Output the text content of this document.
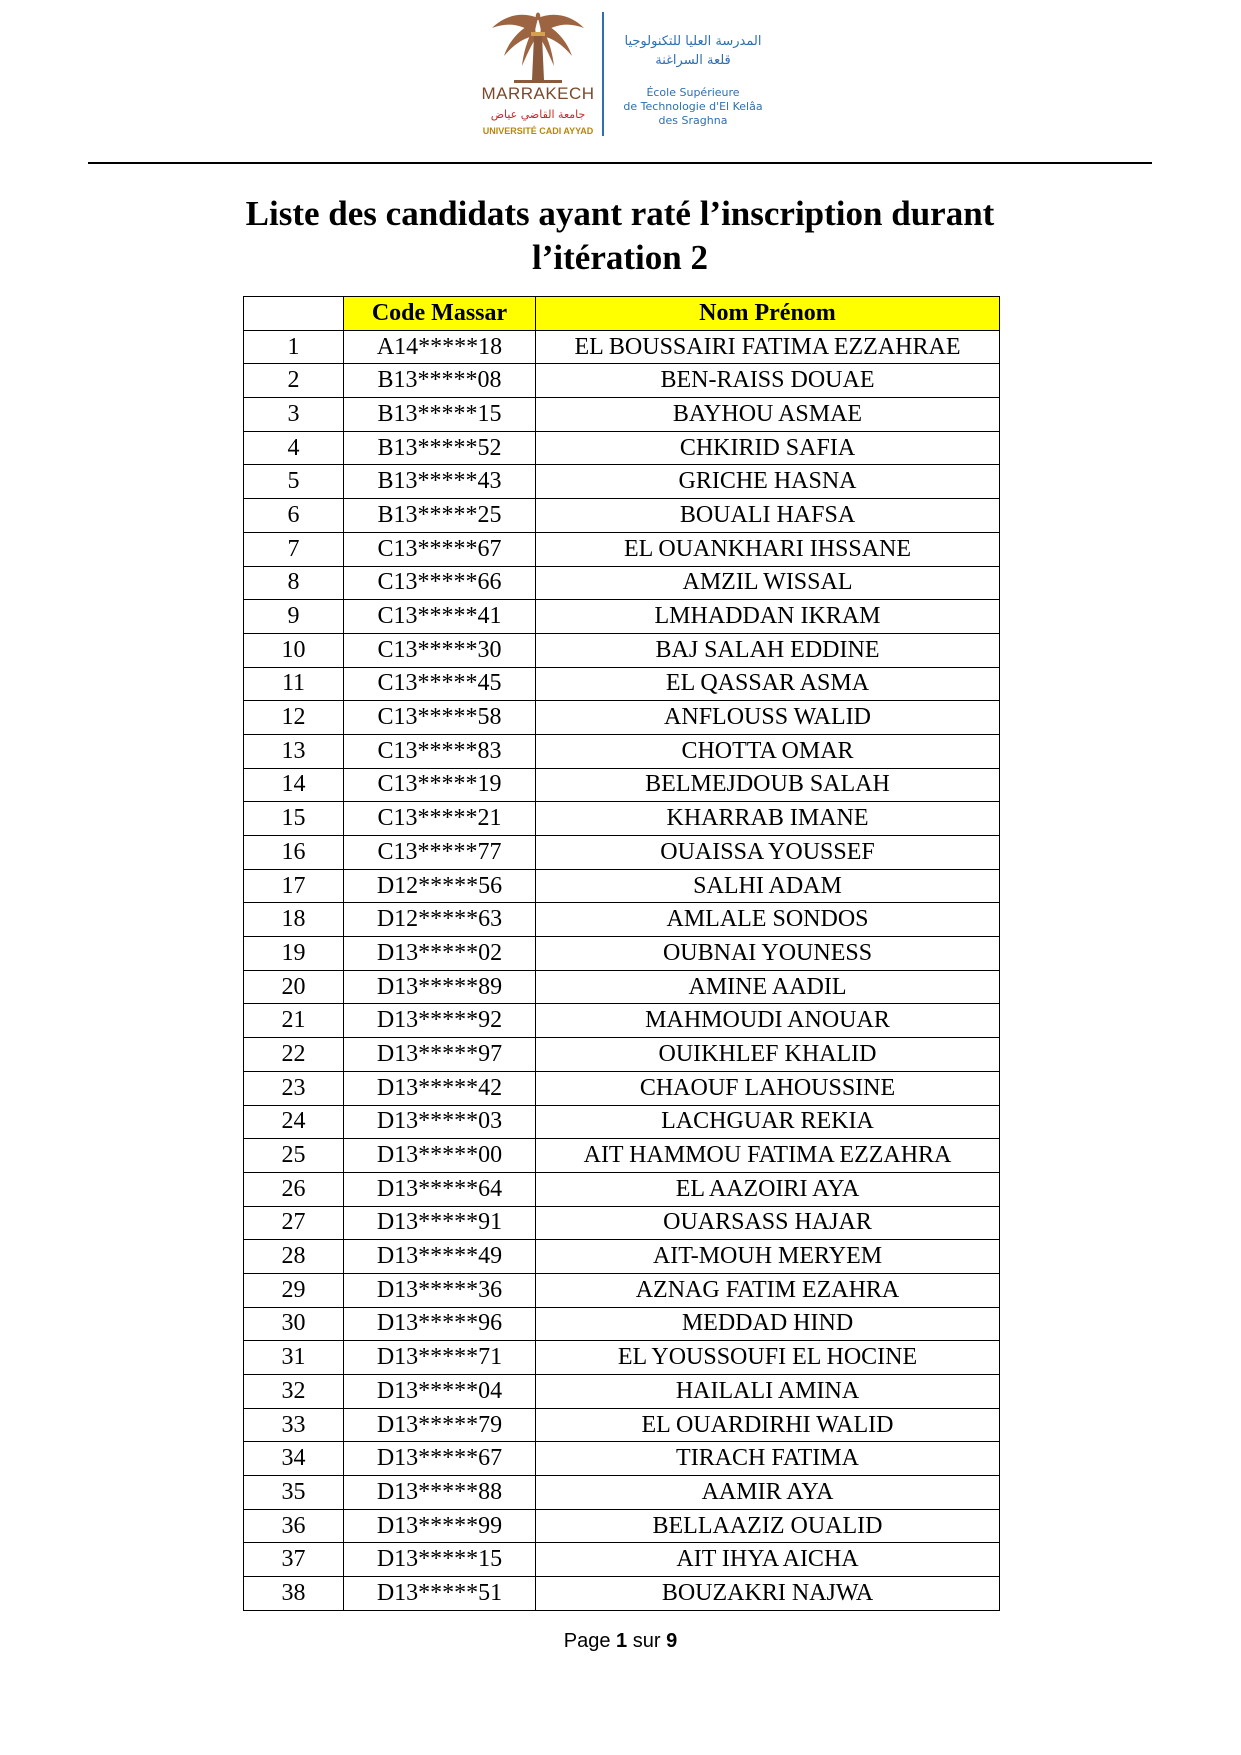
MARRAKECH
جامعة القاضي عياض
UNIVERSITÉ CADI AYYAD
المدرسة العليا للتكنولوجيا
قلعة السراغنة
École Supérieure
de Technologie d'El Kelâa
des Sraghna
Liste des candidats ayant raté l’inscription durant
l’itération 2
	Code Massar	Nom Prénom
1	A14*****18	EL BOUSSAIRI FATIMA EZZAHRAE
2	B13*****08	BEN-RAISS DOUAE
3	B13*****15	BAYHOU ASMAE
4	B13*****52	CHKIRID SAFIA
5	B13*****43	GRICHE HASNA
6	B13*****25	BOUALI HAFSA
7	C13*****67	EL OUANKHARI IHSSANE
8	C13*****66	AMZIL WISSAL
9	C13*****41	LMHADDAN IKRAM
10	C13*****30	BAJ SALAH EDDINE
11	C13*****45	EL QASSAR ASMA
12	C13*****58	ANFLOUSS WALID
13	C13*****83	CHOTTA OMAR
14	C13*****19	BELMEJDOUB SALAH
15	C13*****21	KHARRAB IMANE
16	C13*****77	OUAISSA YOUSSEF
17	D12*****56	SALHI ADAM
18	D12*****63	AMLALE SONDOS
19	D13*****02	OUBNAI YOUNESS
20	D13*****89	AMINE AADIL
21	D13*****92	MAHMOUDI ANOUAR
22	D13*****97	OUIKHLEF KHALID
23	D13*****42	CHAOUF LAHOUSSINE
24	D13*****03	LACHGUAR REKIA
25	D13*****00	AIT HAMMOU FATIMA EZZAHRA
26	D13*****64	EL AAZOIRI AYA
27	D13*****91	OUARSASS HAJAR
28	D13*****49	AIT-MOUH MERYEM
29	D13*****36	AZNAG FATIM EZAHRA
30	D13*****96	MEDDAD HIND
31	D13*****71	EL YOUSSOUFI EL HOCINE
32	D13*****04	HAILALI AMINA
33	D13*****79	EL OUARDIRHI WALID
34	D13*****67	TIRACH FATIMA
35	D13*****88	AAMIR AYA
36	D13*****99	BELLAAZIZ OUALID
37	D13*****15	AIT IHYA AICHA
38	D13*****51	BOUZAKRI NAJWA
Page 1 sur 9
